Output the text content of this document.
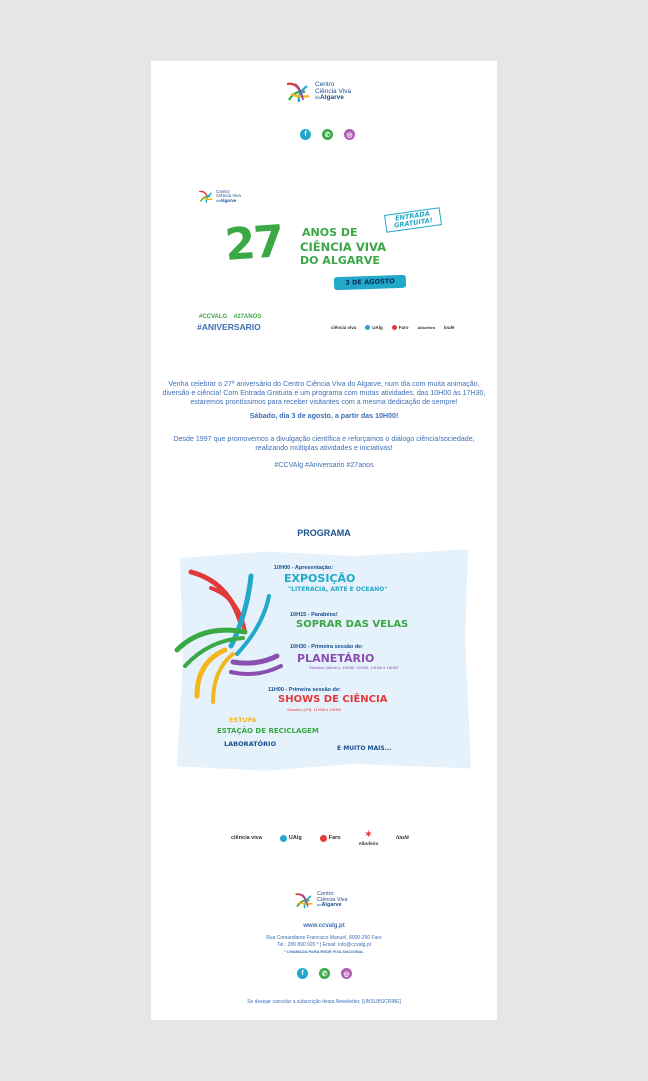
Centro
Ciência Viva
doAlgarve
f	✆ ◎
Centro
Ciência Viva
doAlgarve
ENTRADA GRATUITA!
27 ANOS DE
CIÊNCIA VIVA
DO ALGARVE
3 DE AGOSTO
#CCVALG #27ANOS
#ANIVERSARIO	ciência viva	UAlg	Faro Albufeira loulé
Venha celebrar o 27º aniversário do Centro Ciência Viva do Algarve, num dia com muita animação, diversão e ciência! Com Entrada Gratuita e um programa com mutas atividades, das 10H00 às 17H30, estaremos prontíssimos para receber visitantes com a mesma dedicação de sempre!
Sábado, dia 3 de agosto, a partir das 10H00!
Desde 1997 que promovemos a divulgação científica e reforçamos o diálogo ciência/sociedade, realizando múltiplas atividades e iniciativas!
#CCVAlg #Aniversario #27anos
PROGRAMA
10H00 - Apresentação:
EXPOSIÇÃO
"LITERACIA, ARTE E OCEANO"
10H15 - Parabéns!
SOPRAR DAS VELAS
10H30 - Primeira sessão de:
PLANETÁRIO
Sessões (30min.): 10H30, 12H00, 14H30 e 16H00
11H00 - Primeira sessão de:
SHOWS DE CIÊNCIA
Sessões (1H): 11H00 e 15H00
ESTUFA
ESTAÇÃO DE RECICLAGEM
LABORATÓRIO
E MUITO MAIS...
ciência viva	UAlg	Faro	✶
Albufeira
loulé
Centro
Ciência Viva
doAlgarve
www.ccvalg.pt
Rua Comandante Francisco Manuel, 8000-250 Faro
Tel.: 289 890 920 * | Email: info@ccvalg.pt
* CHAMADA PARA REDE FIXA NACIONAL
f	✆ ◎
Se desejar cancelar a subscrição desta Newsletter, [UNSUBSCRIBE]
